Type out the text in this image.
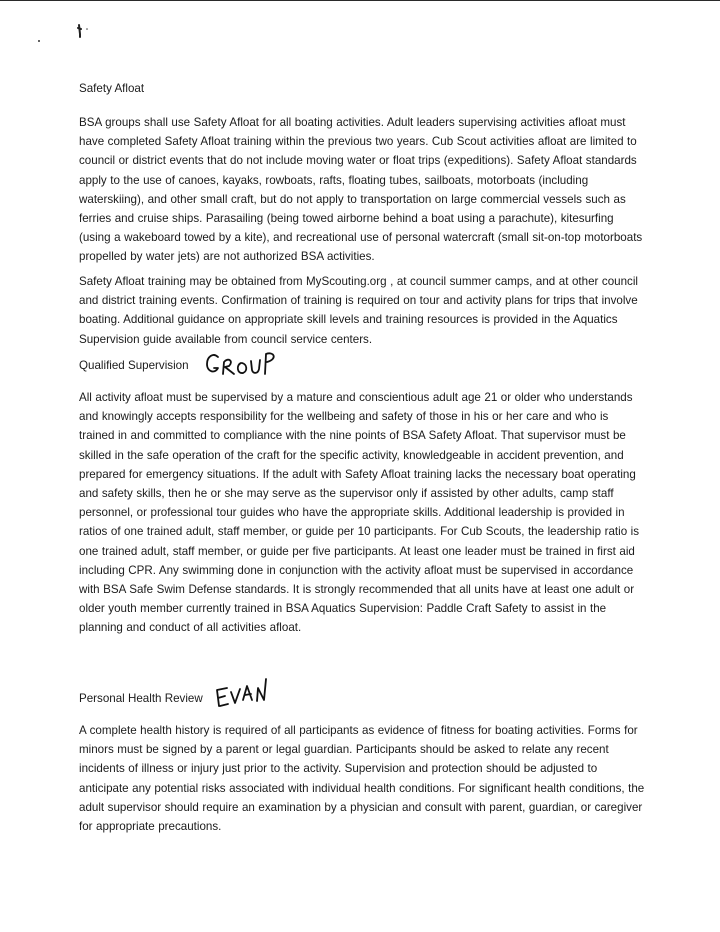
Safety Afloat
BSA groups shall use Safety Afloat for all boating activities. Adult leaders supervising activities afloat must have completed Safety Afloat training within the previous two years. Cub Scout activities afloat are limited to council or district events that do not include moving water or float trips (expeditions). Safety Afloat standards apply to the use of canoes, kayaks, rowboats, rafts, floating tubes, sailboats, motorboats (including waterskiing), and other small craft, but do not apply to transportation on large commercial vessels such as ferries and cruise ships. Parasailing (being towed airborne behind a boat using a parachute), kitesurfing (using a wakeboard towed by a kite), and recreational use of personal watercraft (small sit-on-top motorboats propelled by water jets) are not authorized BSA activities.
Safety Afloat training may be obtained from MyScouting.org , at council summer camps, and at other council and district training events. Confirmation of training is required on tour and activity plans for trips that involve boating. Additional guidance on appropriate skill levels and training resources is provided in the Aquatics Supervision guide available from council service centers.
Qualified Supervision
All activity afloat must be supervised by a mature and conscientious adult age 21 or older who understands and knowingly accepts responsibility for the wellbeing and safety of those in his or her care and who is trained in and committed to compliance with the nine points of BSA Safety Afloat. That supervisor must be skilled in the safe operation of the craft for the specific activity, knowledgeable in accident prevention, and prepared for emergency situations. If the adult with Safety Afloat training lacks the necessary boat operating and safety skills, then he or she may serve as the supervisor only if assisted by other adults, camp staff personnel, or professional tour guides who have the appropriate skills. Additional leadership is provided in ratios of one trained adult, staff member, or guide per 10 participants. For Cub Scouts, the leadership ratio is one trained adult, staff member, or guide per five participants. At least one leader must be trained in first aid including CPR. Any swimming done in conjunction with the activity afloat must be supervised in accordance with BSA Safe Swim Defense standards. It is strongly recommended that all units have at least one adult or older youth member currently trained in BSA Aquatics Supervision: Paddle Craft Safety to assist in the planning and conduct of all activities afloat.
Personal Health Review
A complete health history is required of all participants as evidence of fitness for boating activities. Forms for minors must be signed by a parent or legal guardian. Participants should be asked to relate any recent incidents of illness or injury just prior to the activity. Supervision and protection should be adjusted to anticipate any potential risks associated with individual health conditions. For significant health conditions, the adult supervisor should require an examination by a physician and consult with parent, guardian, or caregiver for appropriate precautions.
